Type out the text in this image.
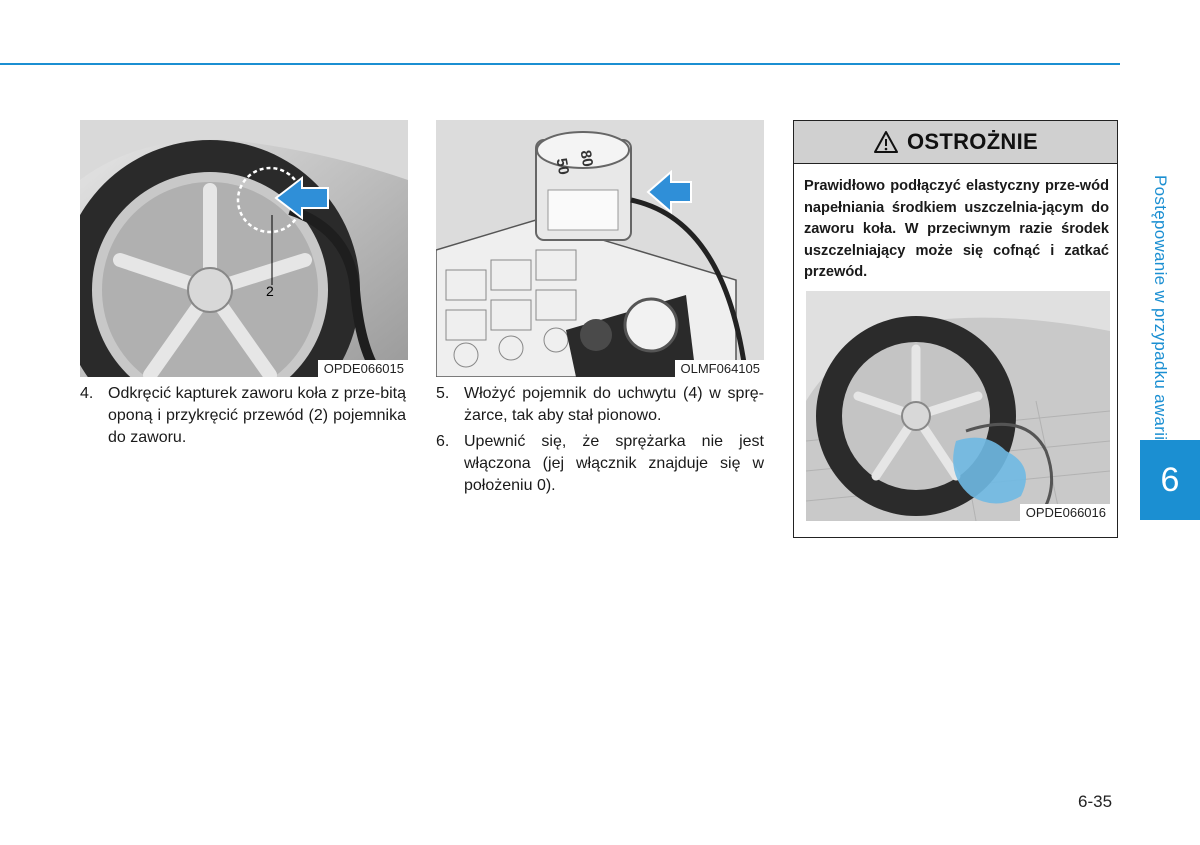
2
OPDE066015
80
50
OLMF064105
4. Odkręcić kapturek zaworu koła z prze-bitą oponą i przykręcić przewód (2) pojemnika do zaworu.
5. Włożyć pojemnik do uchwytu (4) w sprę-żarce, tak aby stał pionowo.
6. Upewnić się, że sprężarka nie jest włączona (jej włącznik znajduje się w położeniu 0).
OSTROŻNIE
Prawidłowo podłączyć elastyczny prze-wód napełniania środkiem uszczelnia-jącym do zaworu koła. W przeciwnym razie środek uszczelniający może się cofnąć i zatkać przewód.
OPDE066016
Postępowanie w przypadku awarii
6
6-35
